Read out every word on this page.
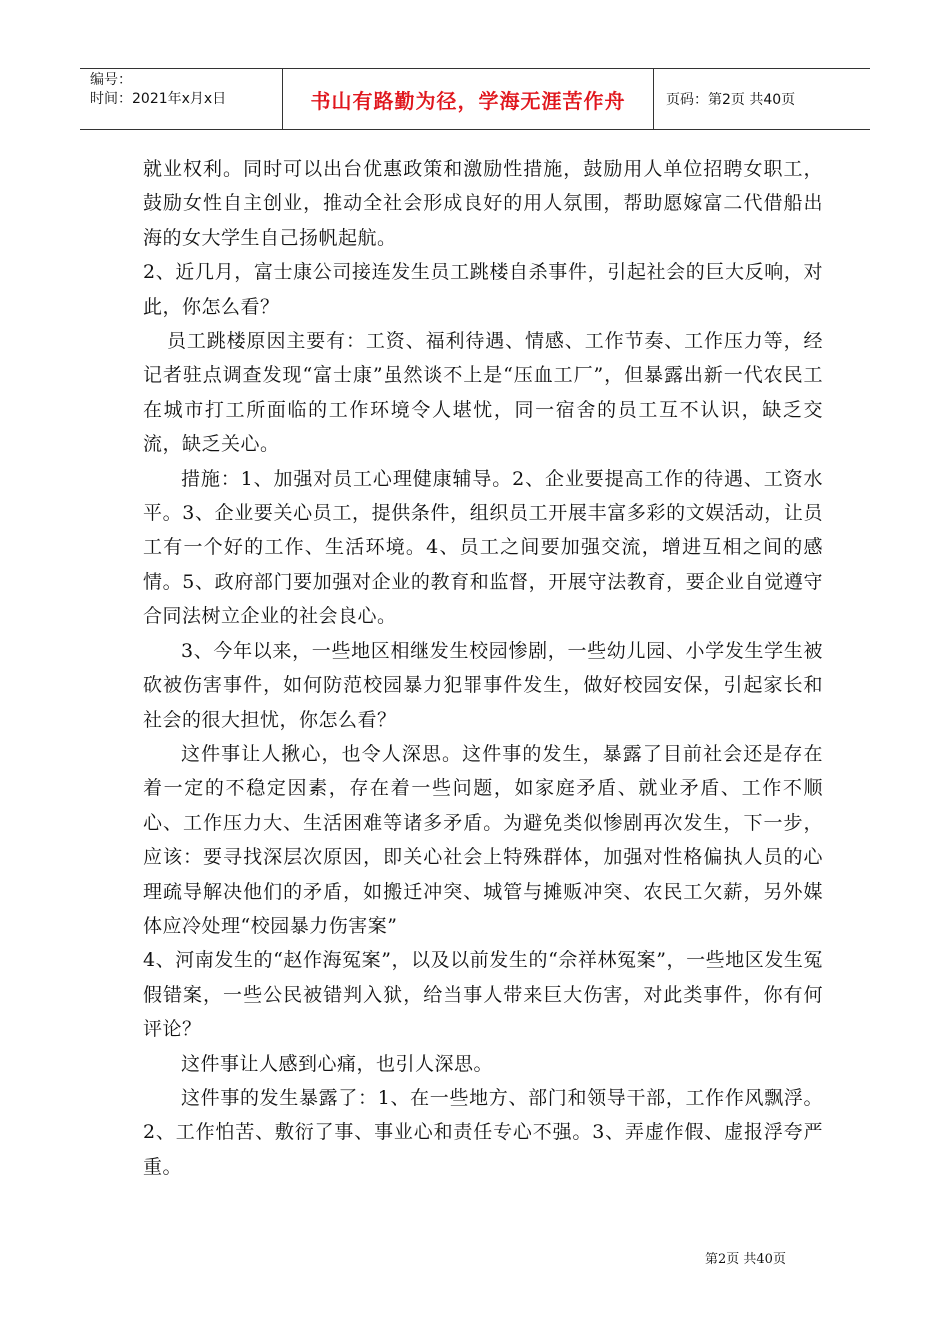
编号：
时间：2021年x月x日	书山有路勤为径，学海无涯苦作舟	页码：第2页 共40页

就业权利。同时可以出台优惠政策和激励性措施，鼓励用人单位招聘女职工，鼓励女性自主创业，推动全社会形成良好的用人氛围，帮助愿嫁富二代借船出海的女大学生自己扬帆起航。

2、近几月，富士康公司接连发生员工跳楼自杀事件，引起社会的巨大反响，对此，你怎么看？

员工跳楼原因主要有：工资、福利待遇、情感、工作节奏、工作压力等，经记者驻点调查发现“富士康”虽然谈不上是“压血工厂”，但暴露出新一代农民工在城市打工所面临的工作环境令人堪忧，同一宿舍的员工互不认识，缺乏交流，缺乏关心。

措施：1、加强对员工心理健康辅导。2、企业要提高工作的待遇、工资水平。3、企业要关心员工，提供条件，组织员工开展丰富多彩的文娱活动，让员工有一个好的工作、生活环境。4、员工之间要加强交流，增进互相之间的感情。5、政府部门要加强对企业的教育和监督，开展守法教育，要企业自觉遵守合同法树立企业的社会良心。

3、今年以来，一些地区相继发生校园惨剧，一些幼儿园、小学发生学生被砍被伤害事件，如何防范校园暴力犯罪事件发生，做好校园安保，引起家长和社会的很大担忧，你怎么看？

这件事让人揪心，也令人深思。这件事的发生，暴露了目前社会还是存在着一定的不稳定因素，存在着一些问题，如家庭矛盾、就业矛盾、工作不顺心、工作压力大、生活困难等诸多矛盾。为避免类似惨剧再次发生，下一步，应该：要寻找深层次原因，即关心社会上特殊群体，加强对性格偏执人员的心理疏导解决他们的矛盾，如搬迁冲突、城管与摊贩冲突、农民工欠薪，另外媒体应冷处理“校园暴力伤害案”

4、河南发生的“赵作海冤案”，以及以前发生的“佘祥林冤案”，一些地区发生冤假错案，一些公民被错判入狱，给当事人带来巨大伤害，对此类事件，你有何评论？

这件事让人感到心痛，也引人深思。

这件事的发生暴露了：1、在一些地方、部门和领导干部，工作作风飘浮。2、工作怕苦、敷衍了事、事业心和责任专心不强。3、弄虚作假、虚报浮夸严重。

第2页 共40页
